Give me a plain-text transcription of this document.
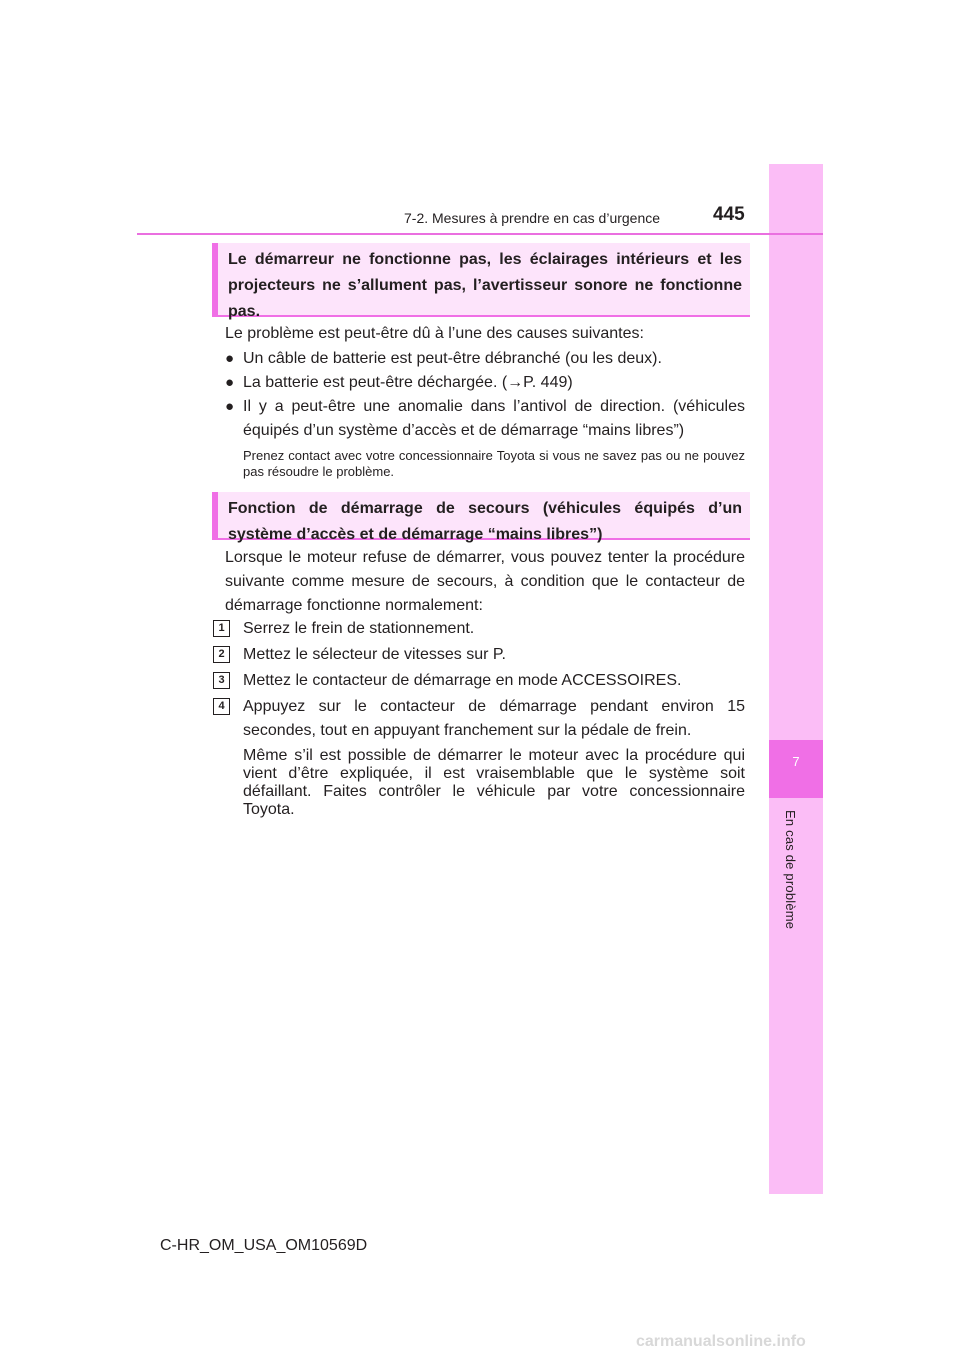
7
En cas de problème
7-2. Mesures à prendre en cas d’urgence	445
Le démarreur ne fonctionne pas, les éclairages intérieurs et les projecteurs ne s’allument pas, l’avertisseur sonore ne fonctionne pas.
Le problème est peut-être dû à l’une des causes suivantes:
● Un câble de batterie est peut-être débranché (ou les deux).
● La batterie est peut-être déchargée. (→P. 449)
● Il y a peut-être une anomalie dans l’antivol de direction. (véhicules équipés d’un système d’accès et de démarrage “mains libres”)
Prenez contact avec votre concessionnaire Toyota si vous ne savez pas ou ne pouvez pas résoudre le problème.
Fonction de démarrage de secours (véhicules équipés d’un système d’accès et de démarrage “mains libres”)
Lorsque le moteur refuse de démarrer, vous pouvez tenter la procédure suivante comme mesure de secours, à condition que le contacteur de démarrage fonctionne normalement:
1	Serrez le frein de stationnement.
2	Mettez le sélecteur de vitesses sur P.
3	Mettez le contacteur de démarrage en mode ACCESSOIRES.
4	Appuyez sur le contacteur de démarrage pendant environ 15 secondes, tout en appuyant franchement sur la pédale de frein.
Même s’il est possible de démarrer le moteur avec la procédure qui vient d’être expliquée, il est vraisemblable que le système soit défaillant. Faites contrôler le véhicule par votre concessionnaire Toyota.
C-HR_OM_USA_OM10569D
carmanualsonline.info
